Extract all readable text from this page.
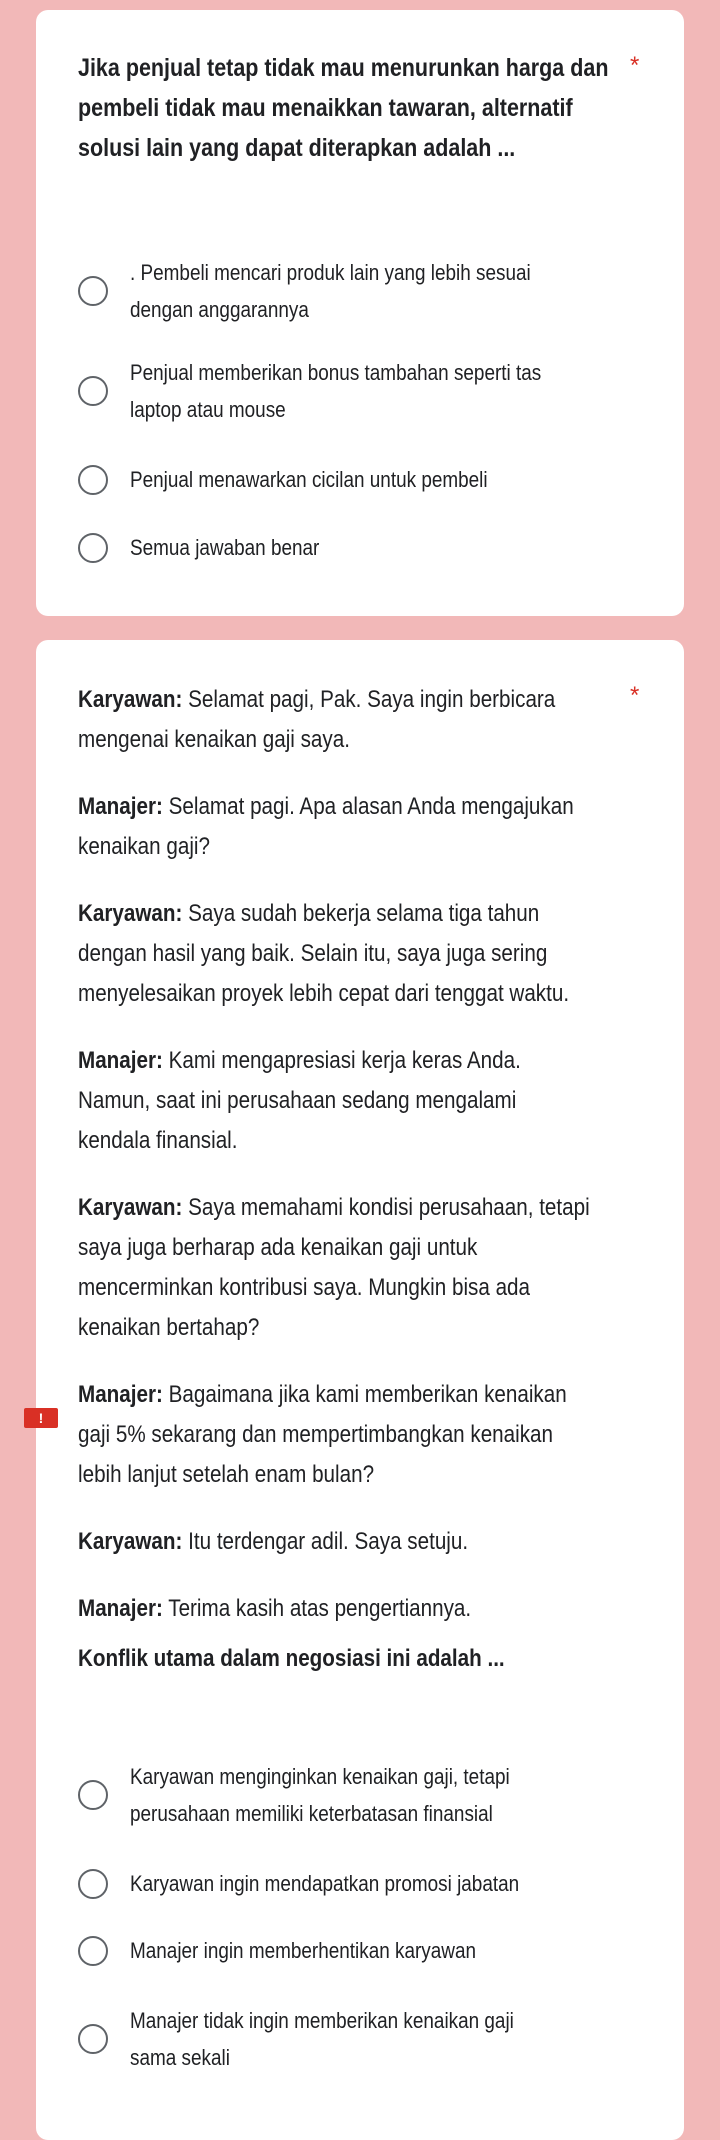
Jika penjual tetap tidak mau menurunkan harga dan pembeli tidak mau menaikkan tawaran, alternatif solusi lain yang dapat diterapkan adalah ...
*
. Pembeli mencari produk lain yang lebih sesuai dengan anggarannya
Penjual memberikan bonus tambahan seperti tas laptop atau mouse
Penjual menawarkan cicilan untuk pembeli
Semua jawaban benar
*
Karyawan: Selamat pagi, Pak. Saya ingin berbicara mengenai kenaikan gaji saya.
Manajer: Selamat pagi. Apa alasan Anda mengajukan kenaikan gaji?
Karyawan: Saya sudah bekerja selama tiga tahun dengan hasil yang baik. Selain itu, saya juga sering menyelesaikan proyek lebih cepat dari tenggat waktu.
Manajer: Kami mengapresiasi kerja keras Anda. Namun, saat ini perusahaan sedang mengalami kendala finansial.
Karyawan: Saya memahami kondisi perusahaan, tetapi saya juga berharap ada kenaikan gaji untuk mencerminkan kontribusi saya. Mungkin bisa ada kenaikan bertahap?
Manajer: Bagaimana jika kami memberikan kenaikan gaji 5% sekarang dan mempertimbangkan kenaikan lebih lanjut setelah enam bulan?
Karyawan: Itu terdengar adil. Saya setuju.
Manajer: Terima kasih atas pengertiannya.
Konflik utama dalam negosiasi ini adalah ...
Karyawan menginginkan kenaikan gaji, tetapi perusahaan memiliki keterbatasan finansial
Karyawan ingin mendapatkan promosi jabatan
Manajer ingin memberhentikan karyawan
Manajer tidak ingin memberikan kenaikan gaji sama sekali
!
